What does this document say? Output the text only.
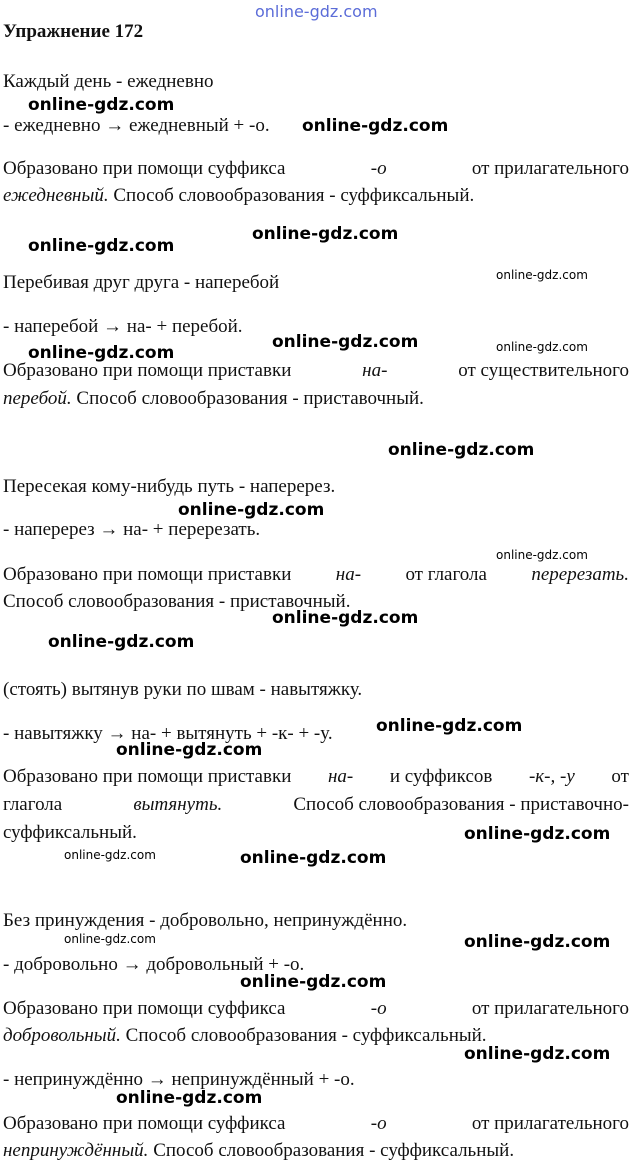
online-gdz.com
Упражнение 172
Каждый день - ежедневно
- ежедневно → ежедневный + -о.
Образовано при помощи суффикса	-о	от прилагательного
ежедневный. Способ словообразования - суффиксальный.
Перебивая друг друга - наперебой
- наперебой → на- + перебой.
Образовано при помощи приставки	на-	от существительного
перебой. Способ словообразования - приставочный.
Пересекая кому-нибудь путь - наперерез.
- наперерез → на- + перерезать.
Образовано при помощи приставки на- от глагола перерезать.
Способ словообразования - приставочный.
(стоять) вытянув руки по швам - навытяжку.
- навытяжку → на- + вытянуть + -к- + -у.
Образовано при помощи приставки на- и суффиксов -к-, -у от
глагола	вытянуть.	Способ словообразования - приставочно-
суффиксальный.
Без принуждения - добровольно, непринуждённо.
- добровольно → добровольный + -о.
Образовано при помощи суффикса	-о	от прилагательного
добровольный. Способ словообразования - суффиксальный.
- непринуждённо → непринуждённый + -о.
Образовано при помощи суффикса	-о	от прилагательного
непринуждённый. Способ словообразования - суффиксальный.
online-gdz.com
online-gdz.com
online-gdz.com
online-gdz.com
online-gdz.com
online-gdz.com
online-gdz.com	online-gdz.com
online-gdz.com
online-gdz.com
online-gdz.com
online-gdz.com
online-gdz.com
online-gdz.com
online-gdz.com
online-gdz.com
online-gdz.com	online-gdz.com
online-gdz.com	online-gdz.com
online-gdz.com
online-gdz.com
online-gdz.com
